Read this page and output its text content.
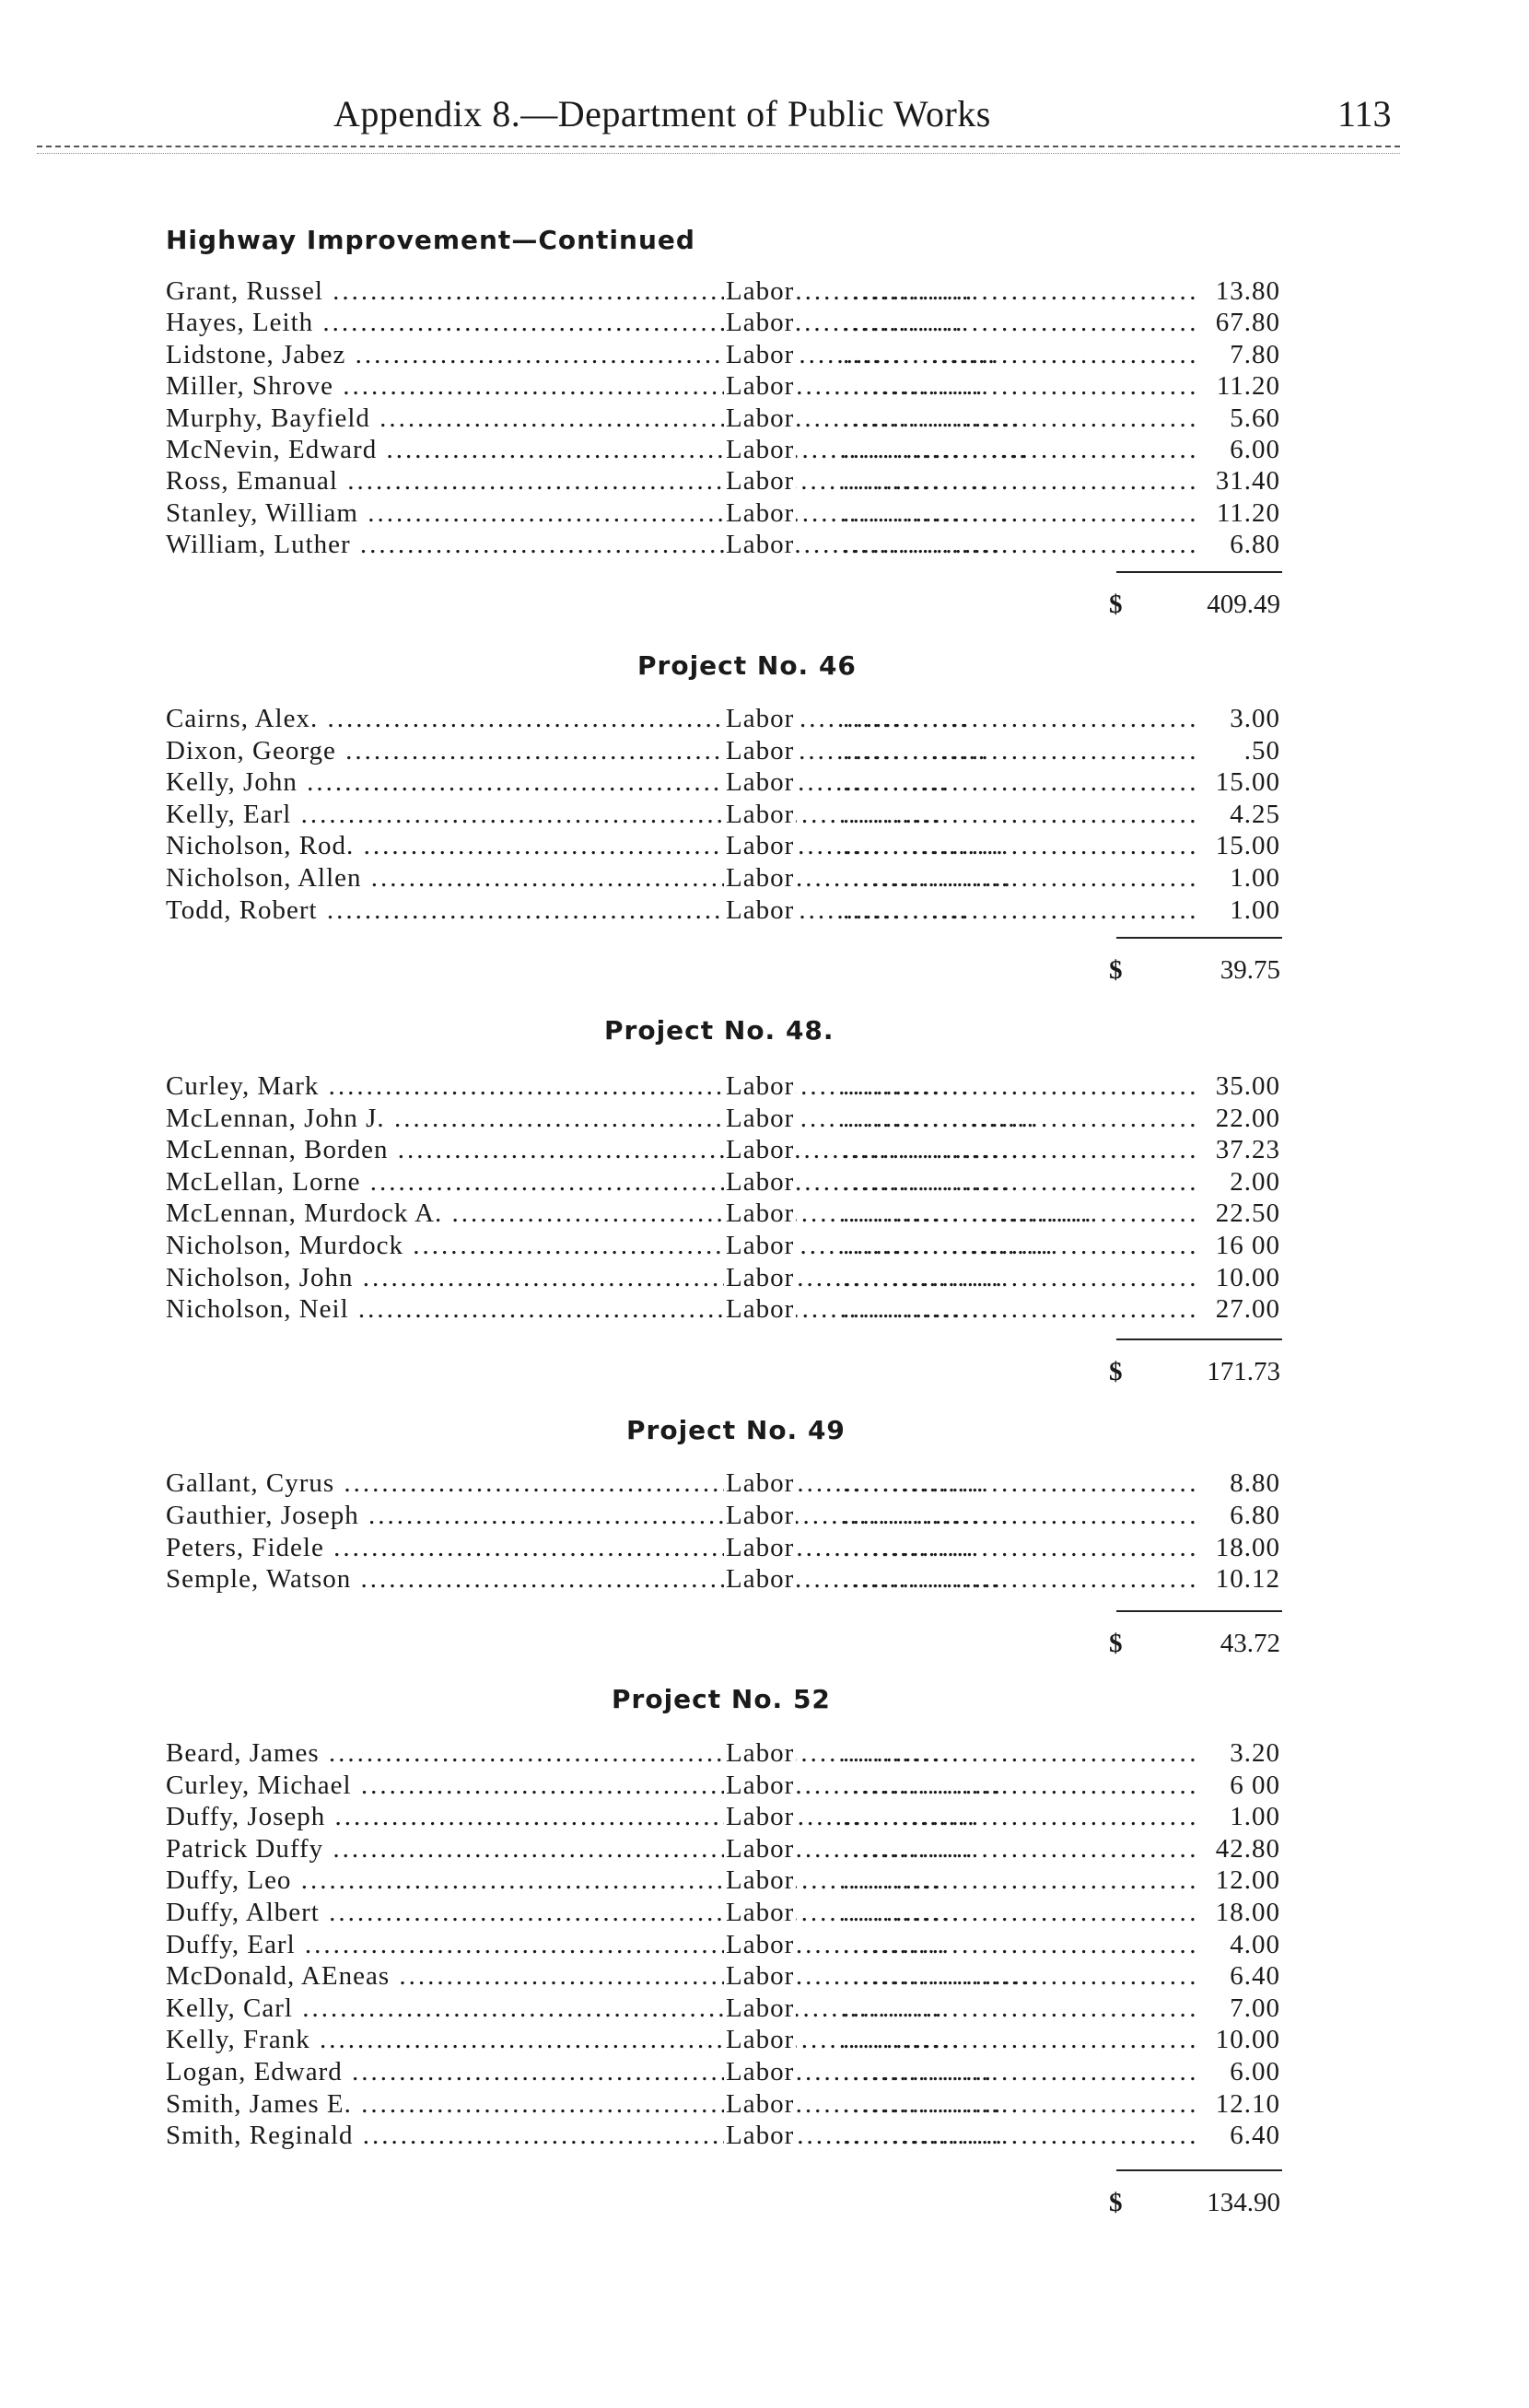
Appendix 8.—Department of Public Works	113
Highway Improvement—Continued
Grant, Russel .....	Labor .................................... 13.80
Hayes, Leith .....	Labor .................................... 67.80
Lidstone, Jabez .....	Labor .................................... 7.80
Miller, Shrove .....	Labor .................................... 11.20
Murphy, Bayfield .....	Labor .................................... 5.60
McNevin, Edward .....	Labor .................................... 6.00
Ross, Emanual .....	Labor .................................... 31.40
Stanley, William .....	Labor .................................... 11.20
William, Luther .....	Labor .................................... 6.80
$	409.49
Project No. 46
Cairns, Alex. .....	Labor .................................... 3.00
Dixon, George .....	Labor .................................... .50
Kelly, John .....	Labor .................................... 15.00
Kelly, Earl .....	Labor .................................... 4.25
Nicholson, Rod. .....	Labor .................................... 15.00
Nicholson, Allen .....	Labor .................................... 1.00
Todd, Robert .....	Labor .................................... 1.00
$	39.75
Project No. 48.
Curley, Mark .....	Labor .................................... 35.00
McLennan, John J. .....	Labor .................................... 22.00
McLennan, Borden .....	Labor .................................... 37.23
McLellan, Lorne .....	Labor .................................... 2.00
McLennan, Murdock A. .....	Labor .................................... 22.50
Nicholson, Murdock .....	Labor .................................... 16 00
Nicholson, John .....	Labor .................................... 10.00
Nicholson, Neil .....	Labor .................................... 27.00
$	171.73
Project No. 49
Gallant, Cyrus .....	Labor .................................... 8.80
Gauthier, Joseph .....	Labor .................................... 6.80
Peters, Fidele .....	Labor .................................... 18.00
Semple, Watson .....	Labor .................................... 10.12
$	43.72
Project No. 52
Beard, James .....	Labor .................................... 3.20
Curley, Michael .....	Labor .................................... 6 00
Duffy, Joseph .....	Labor .................................... 1.00
Patrick Duffy .....	Labor .................................... 42.80
Duffy, Leo .....	Labor .................................... 12.00
Duffy, Albert .....	Labor .................................... 18.00
Duffy, Earl .....	Labor .................................... 4.00
McDonald, AEneas .....	Labor .................................... 6.40
Kelly, Carl .....	Labor .................................... 7.00
Kelly, Frank .....	Labor .................................... 10.00
Logan, Edward .....	Labor .................................... 6.00
Smith, James E. .....	Labor .................................... 12.10
Smith, Reginald .....	Labor .................................... 6.40
$	134.90
